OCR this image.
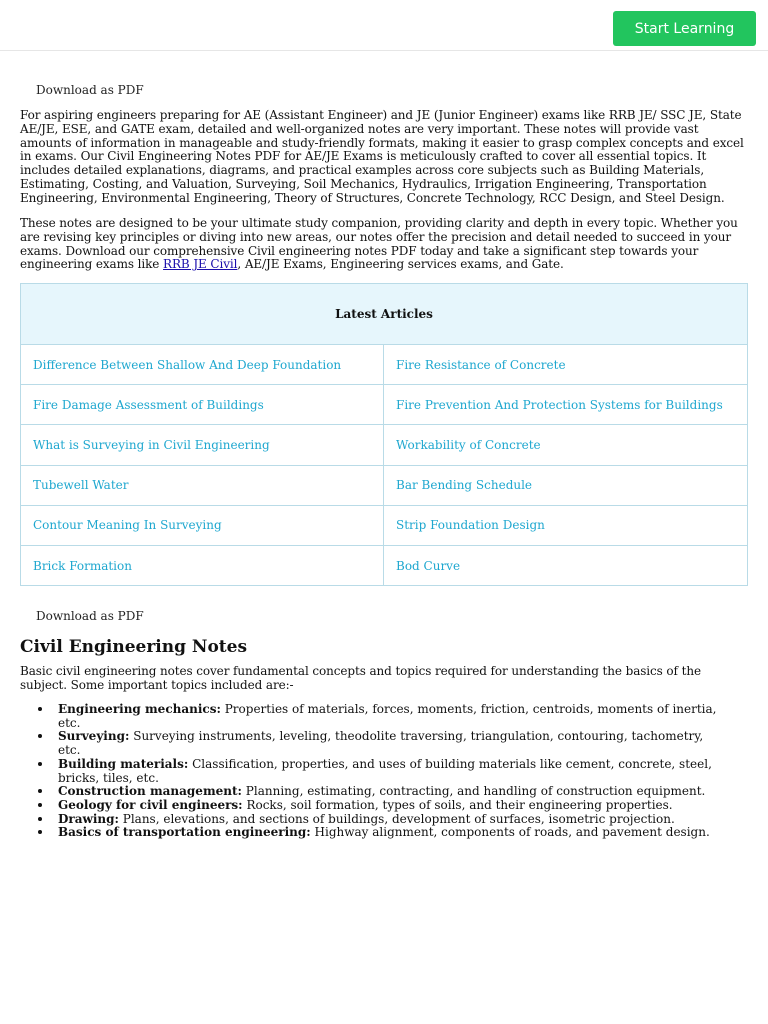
Start Learning
Download as PDF

For aspiring engineers preparing for AE (Assistant Engineer) and JE (Junior Engineer) exams like RRB JE/ SSC JE, State AE/JE, ESE, and GATE exam, detailed and well-organized notes are very important. These notes will provide vast amounts of information in manageable and study-friendly formats, making it easier to grasp complex concepts and excel in exams. Our Civil Engineering Notes PDF for AE/JE Exams is meticulously crafted to cover all essential topics. It includes detailed explanations, diagrams, and practical examples across core subjects such as Building Materials, Estimating, Costing, and Valuation, Surveying, Soil Mechanics, Hydraulics, Irrigation Engineering, Transportation Engineering, Environmental Engineering, Theory of Structures, Concrete Technology, RCC Design, and Steel Design.

These notes are designed to be your ultimate study companion, providing clarity and depth in every topic. Whether you are revising key principles or diving into new areas, our notes offer the precision and detail needed to succeed in your exams. Download our comprehensive Civil engineering notes PDF today and take a significant step towards your engineering exams like RRB JE Civil, AE/JE Exams, Engineering services exams, and Gate.

Latest Articles
Difference Between Shallow And Deep Foundation	Fire Resistance of Concrete
Fire Damage Assessment of Buildings	Fire Prevention And Protection Systems for Buildings
What is Surveying in Civil Engineering	Workability of Concrete
Tubewell Water	Bar Bending Schedule
Contour Meaning In Surveying	Strip Foundation Design
Brick Formation	Bod Curve
Download as PDF
Civil Engineering Notes

Basic civil engineering notes cover fundamental concepts and topics required for understanding the basics of the subject. Some important topics included are:-

Engineering mechanics: Properties of materials, forces, moments, friction, centroids, moments of inertia, etc.
Surveying: Surveying instruments, leveling, theodolite traversing, triangulation, contouring, tachometry, etc.
Building materials: Classification, properties, and uses of building materials like cement, concrete, steel, bricks, tiles, etc.
Construction management: Planning, estimating, contracting, and handling of construction equipment.
Geology for civil engineers: Rocks, soil formation, types of soils, and their engineering properties.
Drawing: Plans, elevations, and sections of buildings, development of surfaces, isometric projection.
Basics of transportation engineering: Highway alignment, components of roads, and pavement design.
